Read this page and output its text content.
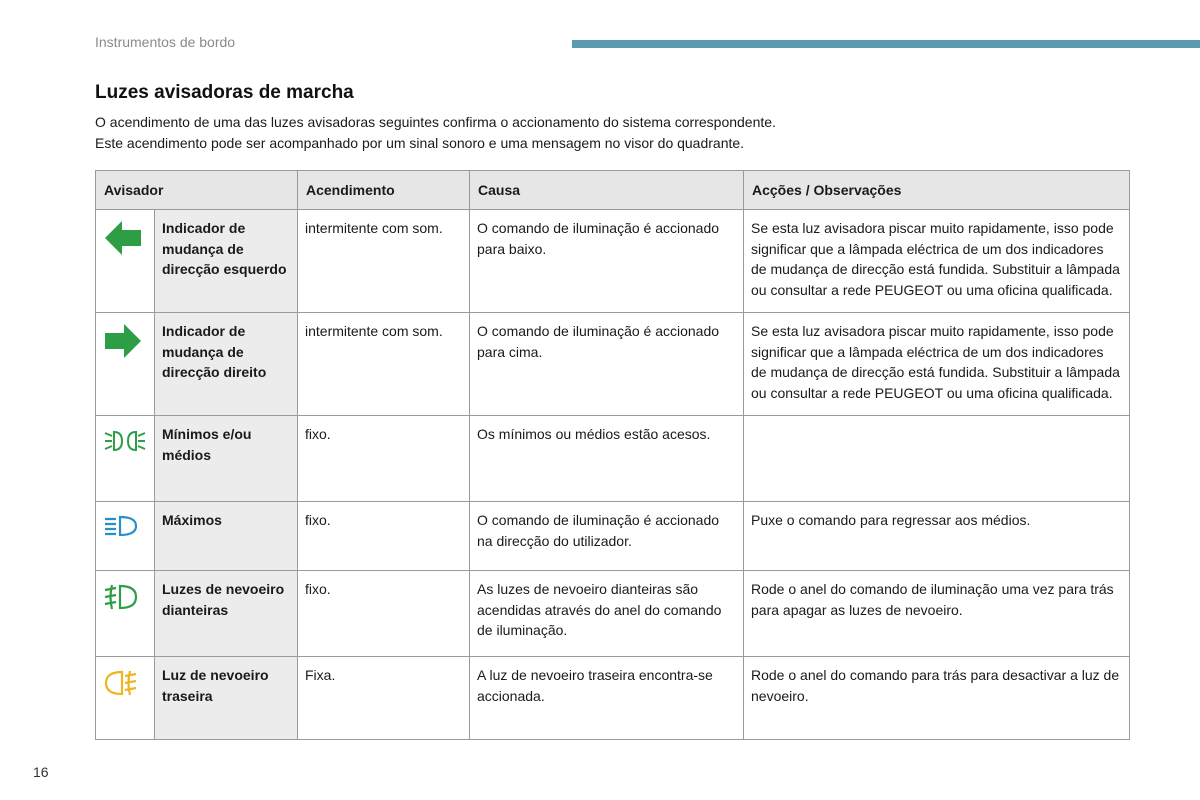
Instrumentos de bordo
Luzes avisadoras de marcha

O acendimento de uma das luzes avisadoras seguintes confirma o accionamento do sistema correspondente.

Este acendimento pode ser acompanhado por um sinal sonoro e uma mensagem no visor do quadrante.

Avisador		Acendimento	Causa	Acções / Observações
	Indicador de mudança de direcção esquerdo	intermitente com som.	O comando de iluminação é accionado para baixo.	Se esta luz avisadora piscar muito rapidamente, isso pode significar que a lâmpada eléctrica de um dos indicadores de mudança de direcção está fundida. Substituir a lâmpada ou consultar a rede PEUGEOT ou uma oficina qualificada.
	Indicador de mudança de direcção direito	intermitente com som.	O comando de iluminação é accionado para cima.	Se esta luz avisadora piscar muito rapidamente, isso pode significar que a lâmpada eléctrica de um dos indicadores de mudança de direcção está fundida. Substituir a lâmpada ou consultar a rede PEUGEOT ou uma oficina qualificada.
	Mínimos e/ou médios	fixo.	Os mínimos ou médios estão acesos.	
	Máximos	fixo.	O comando de iluminação é accionado na direcção do utilizador.	Puxe o comando para regressar aos médios.
	Luzes de nevoeiro dianteiras	fixo.	As luzes de nevoeiro dianteiras são acendidas através do anel do comando de iluminação.	Rode o anel do comando de iluminação uma vez para trás para apagar as luzes de nevoeiro.
	Luz de nevoeiro traseira	Fixa.	A luz de nevoeiro traseira encontra-se accionada.	Rode o anel do comando para trás para desactivar a luz de nevoeiro.
16
